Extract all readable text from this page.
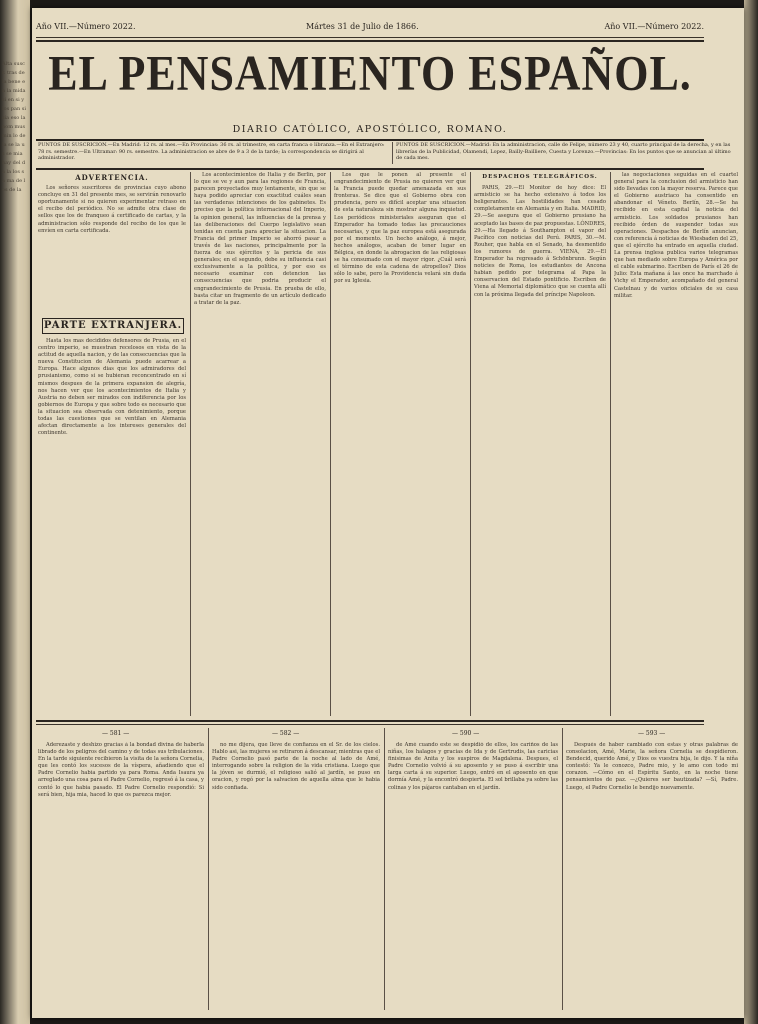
Alta suscr. tras de la bene en la mida si en si y los pan sisia eso la nom mus min lo de la se la us se mia hay del da la los sa ma de los de la
Año VII.—Número 2022.	Mártes 31 de Julio de 1866.	Año VII.—Número 2022.
EL PENSAMIENTO ESPAÑOL.
DIARIO CATÓLICO, APOSTÓLICO, ROMANO.
PUNTOS DE SUSCRICION.—En Madrid: 12 rs. al mes.—En Provincias: 36 rs. al trimestre, en carta franca o libranza.—En el Extranjero: 78 rs. semestre.—En Ultramar: 90 rs. semestre. La administracion se abre de 9 a 3 de la tarde; la correspondencia se dirigirá al administrador.
PUNTOS DE SUSCRICION.—Madrid: En la administracion, calle de Felipe, número 23 y 40, cuarto principal de la derecha, y en las librerías de la Publicidad, Olamendi, Lopez, Bailly-Bailliere, Cuesta y Lorenzo.—Provincias: En los puntos que se anuncian al último de cada mes.
ADVERTENCIA.

Los señores suscritores de provincias cuyo abono concluye en 31 del presente mes, se servirán renovarlo oportunamente si no quieren experimentar retraso en el recibo del periódico. No se admite otra clase de sellos que los de franqueo á certificado de cartas, y la administracion sólo responde del recibo de los que le envíen en carta certificada.

PARTE EXTRANJERA.

Hasta los mas decididos defensores de Prusia, en el centro imperio, se muestran recelosos en vista de la actitud de aquella nacion, y de las consecuencias que la nueva Constitucion de Alemania puede acarrear a Europa. Hace algunos dias que los admiradores del prusianismo, como si se hubieran reconcentrado en sí mismos despues de la primera expansion de alegría, nos hacen ver que los acontecimientos de Italia y Austria no deben ser mirados con indiferencia por los gobiernos de Europa y que sobre todo es necesario que la situacion sea observada con detenimiento, porque todas las cuestiones que se ventilan en Alemania afectan directamente a los intereses generales del continente.

Los acontecimientos de Italia y de Berlin, por lo que se ve y aun para las regiones de Francia, parecen proyectados muy lentamente, sin que se haya podido apreciar con exactitud cuáles sean las verdaderas intenciones de los gabinetes. Es preciso que la política internacional del Imperio, la opinion general, las influencias de la prensa y las deliberaciones del Cuerpo legislativo sean tenidas en cuenta para apreciar la situacion. La Francia del primer Imperio se ahorró pasar a través de las naciones, principalmente por la fuerza de sus ejércitos y la pericia de sus generales; en el segundo, debe su influencia casi exclusivamente a la política, y por eso es necesario examinar con detencion las consecuencias que podria producir el engrandecimiento de Prusia. En prueba de ello, basta citar un fragmento de un artículo dedicado a tratar de la paz.

Los que le ponen al presente el engrandecimiento de Prusia no quieren ver que la Francia puede quedar amenazada en sus fronteras. Se dice que el Gobierno obra con prudencia, pero es difícil aceptar una situacion de esta naturaleza sin mostrar alguna inquietud. Los periódicos ministeriales aseguran que el Emperador ha tomado todas las precauciones necesarias, y que la paz europea está asegurada por el momento. Un hecho análogo, á mejor, hechos análogos, acaban de tener lugar en Bélgica, en donde la abrogacion de las religiosas se ha consumado con el mayor rigor. ¿Cuál será el término de esta cadena de atropellos? Dios sólo lo sabe, pero la Providencia velará sin duda por su Iglesia.

DESPACHOS TELEGRÁFICOS.

PARIS, 29.—El Monitor de hoy dice: El armisticio se ha hecho extensivo á todos los beligerantes. Las hostilidades han cesado completamente en Alemania y en Italia. MADRID, 29.—Se asegura que el Gobierno prusiano ha aceptado las bases de paz propuestas. LÓNDRES, 29.—Ha llegado á Southampton el vapor del Pacífico con noticias del Perú. PARIS, 30.—M. Rouher, que habla en el Senado, ha desmentido los rumores de guerra. VIENA, 29.—El Emperador ha regresado á Schönbrunn. Según noticies de Roma, los estudiantes de Ancona habian pedido por telegrama al Papa la conservacion del Estado pontificio. Escriben de Viena al Memorial diplomático que se cuenta allí con la próxima llegada del príncipe Napoleon.

las negociaciones seguidas en el cuartel general para la conclusion del armisticio han sido llevadas con la mayor reserva. Parece que el Gobierno austriaco ha consentido en abandonar el Véneto. Berlín, 28.—Se ha recibido en esta capital la noticia del armisticio. Los soldados prusianos han recibido órden de suspender todas sus operaciones. Despachos de Berlín anuncian, con referencia á noticias de Wiesbaden del 25, que el ejército ha entrado en aquella ciudad. La prensa inglesa publica varios telegramas que han mediado sobre Europa y América por el cable submarino. Escriben de París el 26 de Julio: Esta mañana á las once ha marchado á Vichy el Emperador, acompañado del general Castelnau y de varios oficiales de su casa militar.

— 581 —	— 582 —	— 590 —	— 593 —

Aderezaste y deshizo gracias á la bondad divina de haberla librado de los peligros del camino y de todas sus tribulaciones. En la tarde siguiente recibieron la visita de la señora Cornelia, que les contó los sucesos de la víspera, añadiendo que el Padre Cornelio habia partido ya para Roma. Anda Isaura ya arreglado una cosa para el Padre Cornelio, regresó á la casa, y contó lo que habia pasado. El Padre Cornelio respondió: Si será bien, hija mia, haced lo que os parezca mejor.

no me dijera, que lleve de confianza en el Sr. de los cielos. Hablo asi, las mujeres se retiraron á descansar, mientras que el Padre Cornelio pasó parte de la noche al lado de Amé, interrogando sobre la religion de la vida cristiana. Luego que la jóven se durmió, el religioso salió al jardín, se puso en oracion, y rogó por la salvacion de aquella alma que le habia sido confiada.

de Amé cuando este se despidió de ellos, los cariños de las niñas, los halagos y gracias de Ida y de Gertrudis, las caricias finisimas de Anita y los suspiros de Magdalena. Despues, el Padre Cornelio volvió á su aposento y se puso á escribir una larga carta á su superior. Luego, entró en el aposento en que dormía Amé, y la encontró despierta. El sol brillaba ya sobre las colinas y los pájaros cantaban en el jardín.

Después de haber cambiado con estas y otras palabras de consolacion, Amé, Marie, la señora Cornelia se despidieron. Bendecid, querido Amé, y Dios os vuestra hija, le dijo. Y la niña contestó: Ya le conozco, Padre mio, y le amo con todo mi corazon. —Cómo en el Espíritu Santo, en la noche tiene pensamientos de paz. —¿Quieres ser bautizada? —Sí, Padre. Luego, el Padre Cornelio le bendijo nuevamente.
